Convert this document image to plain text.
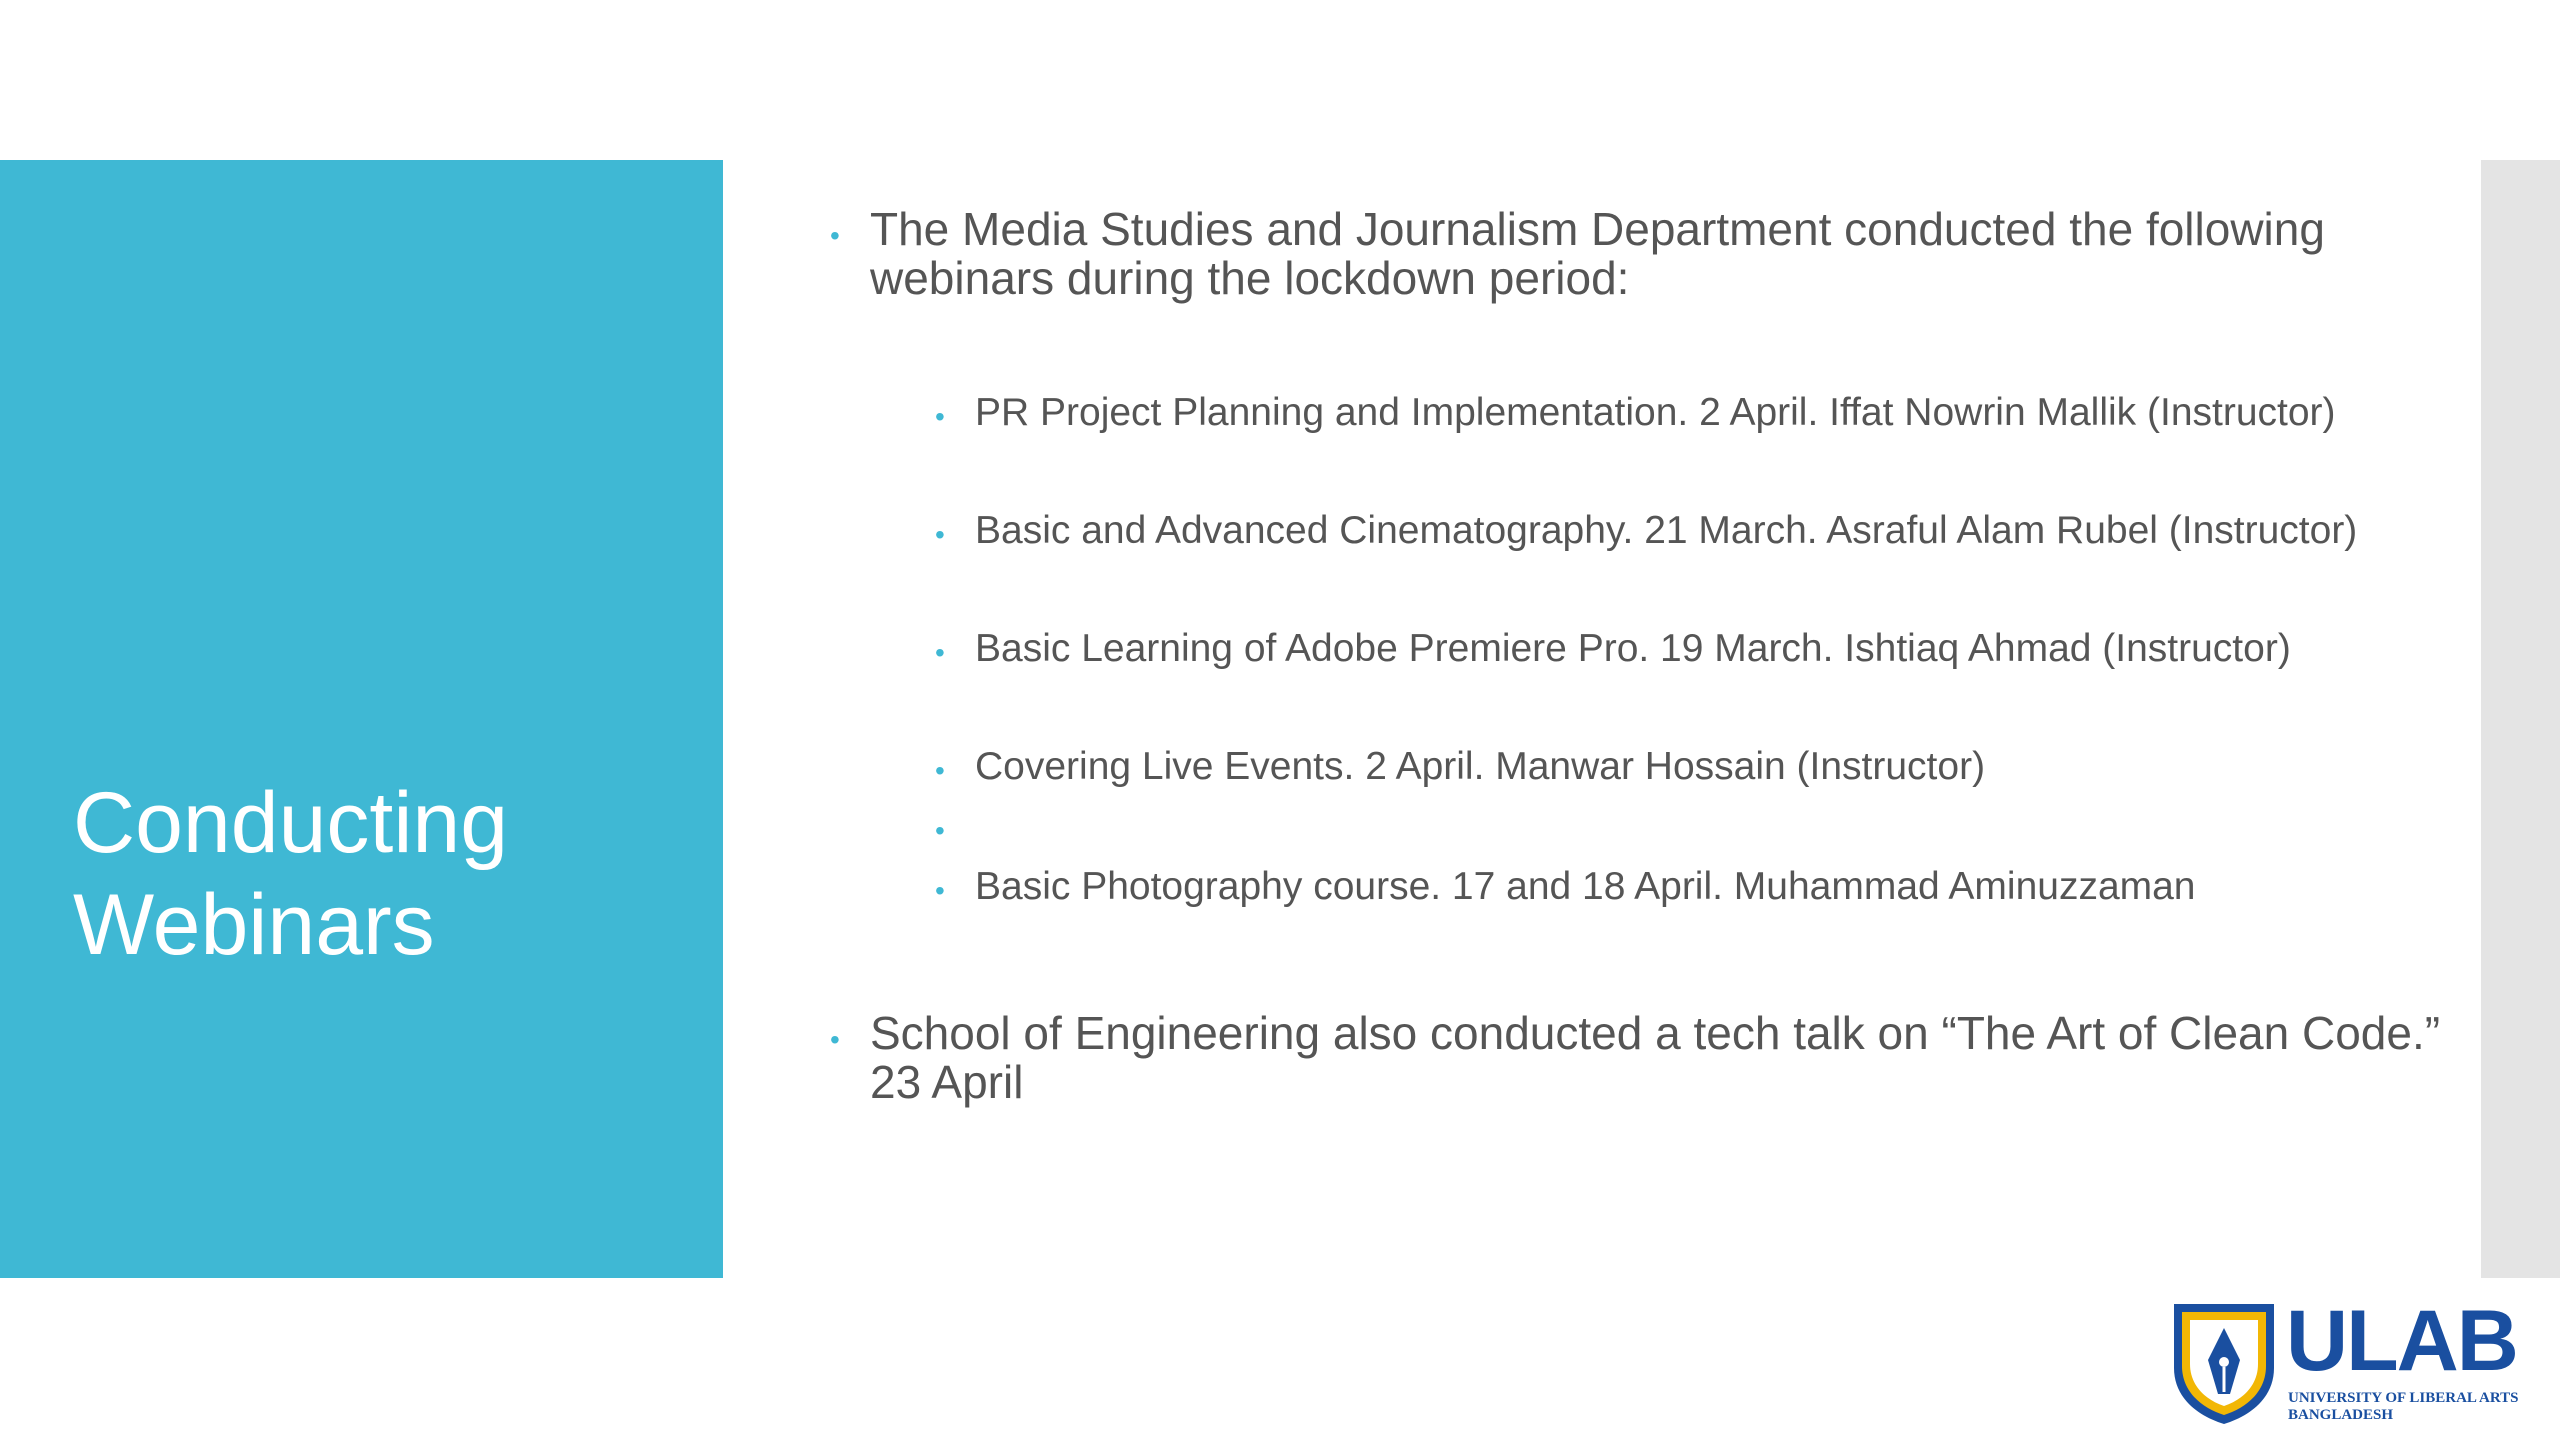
Conducting
Webinars
• The Media Studies and Journalism Department conducted the following webinars during the lockdown period:
• PR Project Planning and Implementation. 2 April. Iffat Nowrin Mallik (Instructor)
• Basic and Advanced Cinematography. 21 March. Asraful Alam Rubel (Instructor)
• Basic Learning of Adobe Premiere Pro. 19 March. Ishtiaq Ahmad (Instructor)
• Covering Live Events. 2 April. Manwar Hossain (Instructor)
•
• Basic Photography course. 17 and 18 April. Muhammad Aminuzzaman
• School of Engineering also conducted a tech talk on “The Art of Clean Code.” 23 April
ULAB
UNIVERSITY OF LIBERAL ARTS BANGLADESH
